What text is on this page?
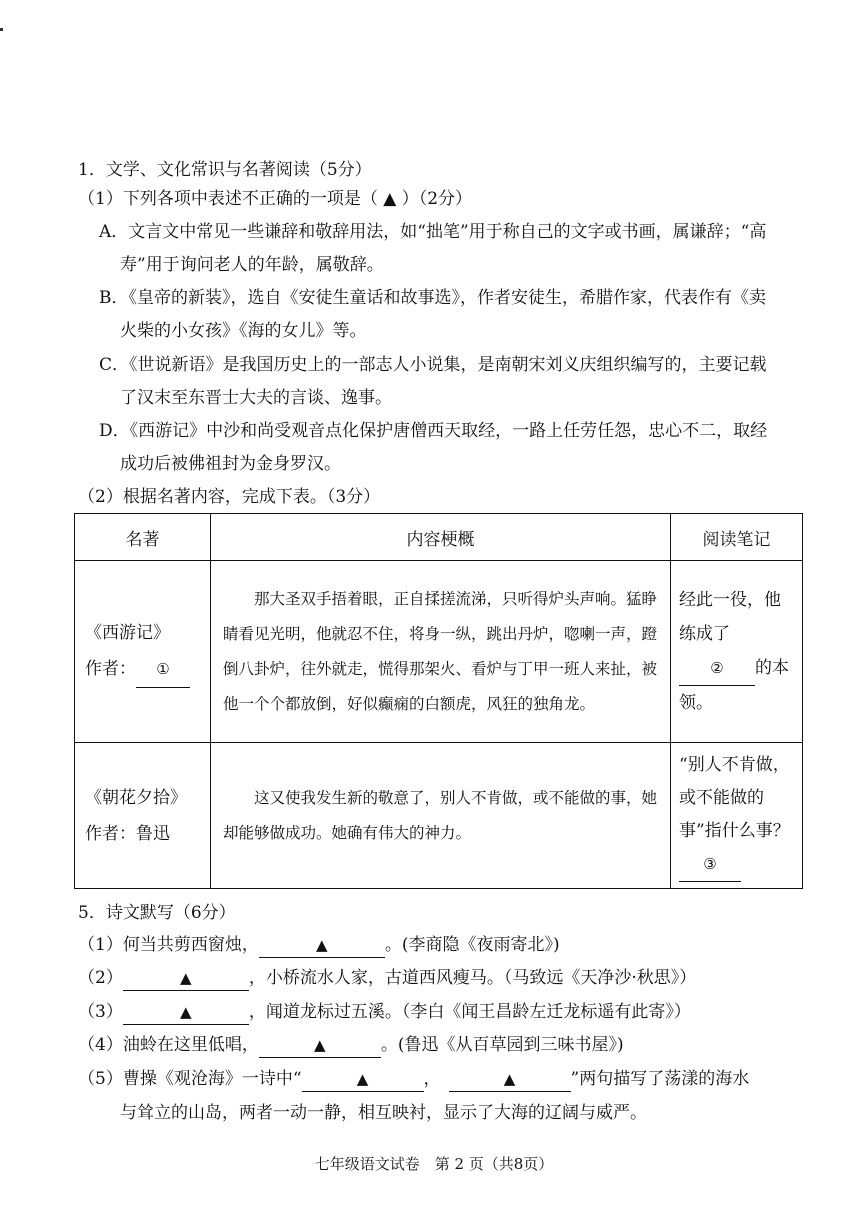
1．文学、文化常识与名著阅读（5分）
（1）下列各项中表述不正确的一项是（ ▲ ）（2分）
A．文言文中常见一些谦辞和敬辞用法，如“拙笔”用于称自己的文字或书画，属谦辞；“高
寿”用于询问老人的年龄，属敬辞。
B．《皇帝的新装》，选自《安徒生童话和故事选》，作者安徒生，希腊作家，代表作有《卖
火柴的小女孩》《海的女儿》等。
C．《世说新语》是我国历史上的一部志人小说集，是南朝宋刘义庆组织编写的，主要记载
了汉末至东晋士大夫的言谈、逸事。
D．《西游记》中沙和尚受观音点化保护唐僧西天取经，一路上任劳任怨，忠心不二，取经
成功后被佛祖封为金身罗汉。
（2）根据名著内容，完成下表。（3分）
名著	内容梗概	阅读笔记

《西游记》
作者： ①	那大圣双手捂着眼，正自揉搓流涕，只听得炉头声响。猛睁睛看见光明，他就忍不住，将身一纵，跳出丹炉，唿喇一声，蹬倒八卦炉，往外就走，慌得那架火、看炉与丁甲一班人来扯，被他一个个都放倒，好似癫痫的白额虎，风狂的独角龙。	经此一役，他练成了② 的本领。

《朝花夕拾》
作者：鲁迅	这又使我发生新的敬意了，别人不肯做，或不能做的事，她却能够做成功。她确有伟大的神力。	“别人不肯做，或不能做的事”指什么事？③
5．诗文默写（6分）
（1）何当共剪西窗烛，	▲	。(李商隐《夜雨寄北》)
（2）	▲	，小桥流水人家，古道西风瘦马。（马致远《天净沙·秋思》）
（3）	▲	，闻道龙标过五溪。（李白《闻王昌龄左迁龙标遥有此寄》）
（4）油蛉在这里低唱，	▲	。(鲁迅《从百草园到三味书屋》)
（5）曹操《观沧海》一诗中“	▲	，	▲	”两句描写了荡漾的海水
与耸立的山岛，两者一动一静，相互映衬，显示了大海的辽阔与威严。
七年级语文试卷　第 2 页（共8页）
